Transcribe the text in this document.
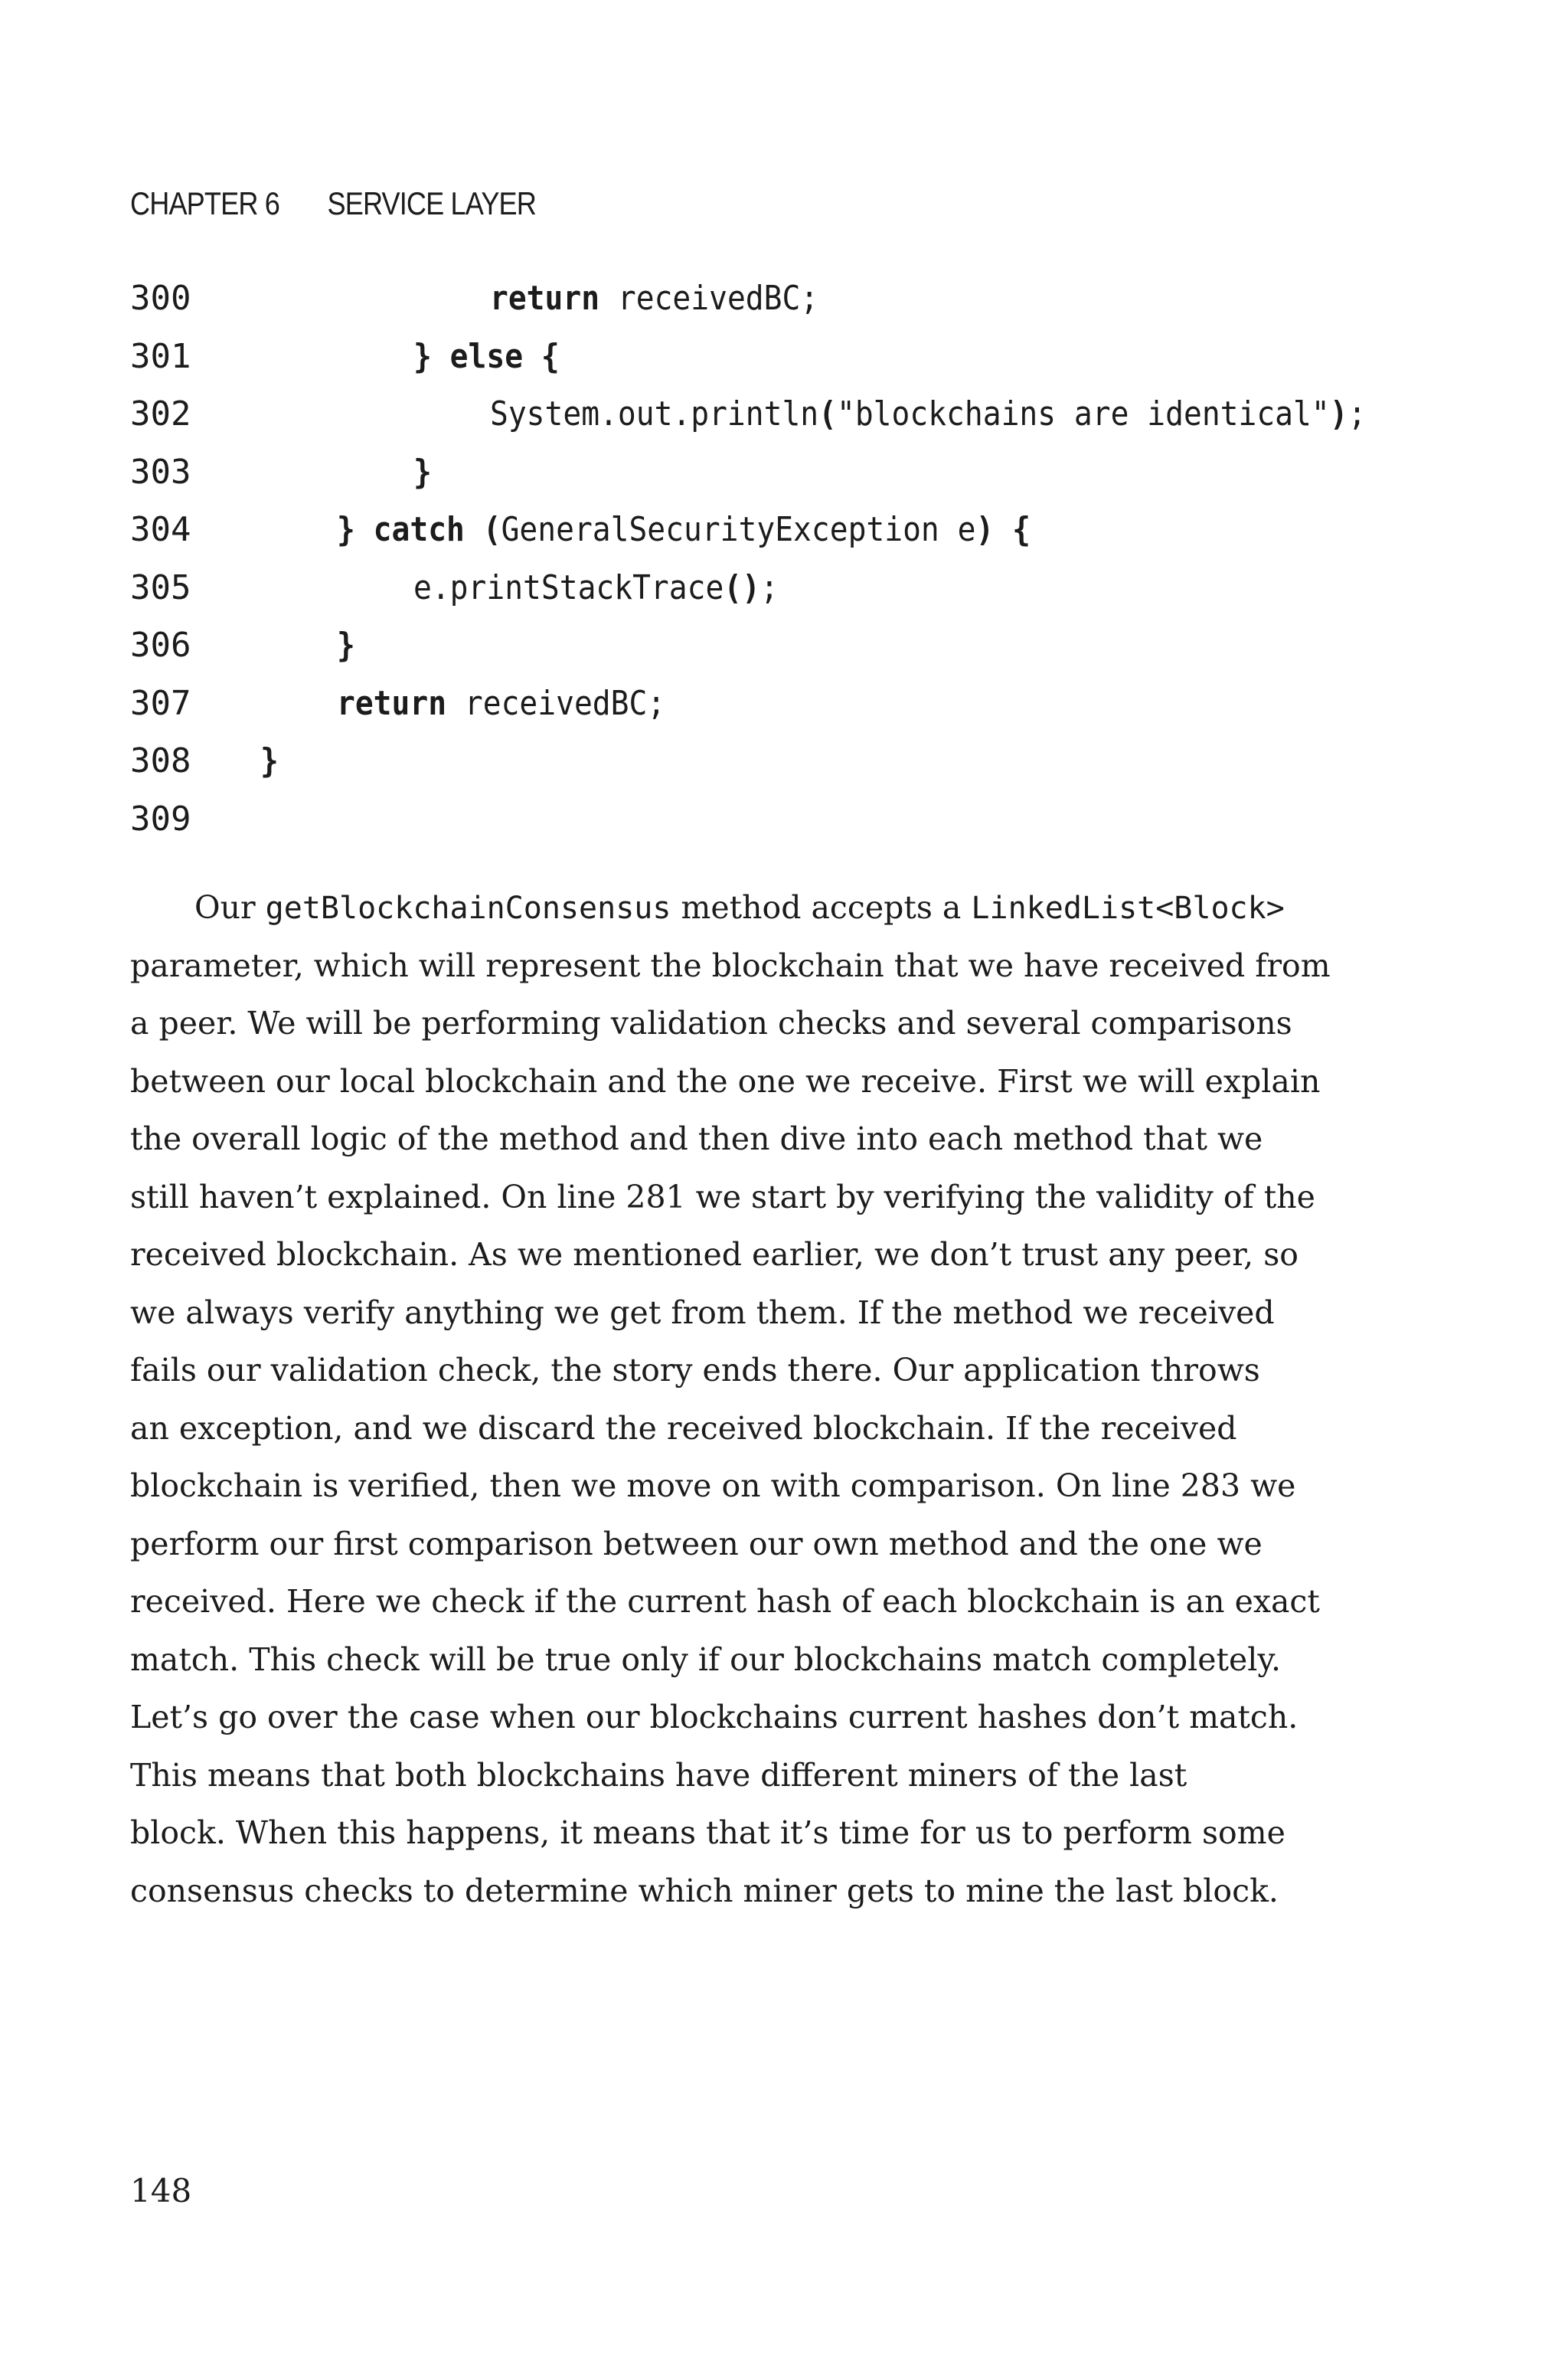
CHAPTER 6 SERVICE LAYER
300	return receivedBC;
301	} else {
302	System.out.println("blockchains are identical");
303	}
304	} catch (GeneralSecurityException e) {
305	e.printStackTrace();
306	}
307	return receivedBC;
308 }
309
Our getBlockchainConsensus method accepts a LinkedList<Block>
parameter, which will represent the blockchain that we have received from
a peer. We will be performing validation checks and several comparisons
between our local blockchain and the one we receive. First we will explain
the overall logic of the method and then dive into each method that we
still haven’t explained. On line 281 we start by verifying the validity of the
received blockchain. As we mentioned earlier, we don’t trust any peer, so
we always verify anything we get from them. If the method we received
fails our validation check, the story ends there. Our application throws
an exception, and we discard the received blockchain. If the received
blockchain is verified, then we move on with comparison. On line 283 we
perform our first comparison between our own method and the one we
received. Here we check if the current hash of each blockchain is an exact
match. This check will be true only if our blockchains match completely.
Let’s go over the case when our blockchains current hashes don’t match.
This means that both blockchains have different miners of the last
block. When this happens, it means that it’s time for us to perform some
consensus checks to determine which miner gets to mine the last block.
148
